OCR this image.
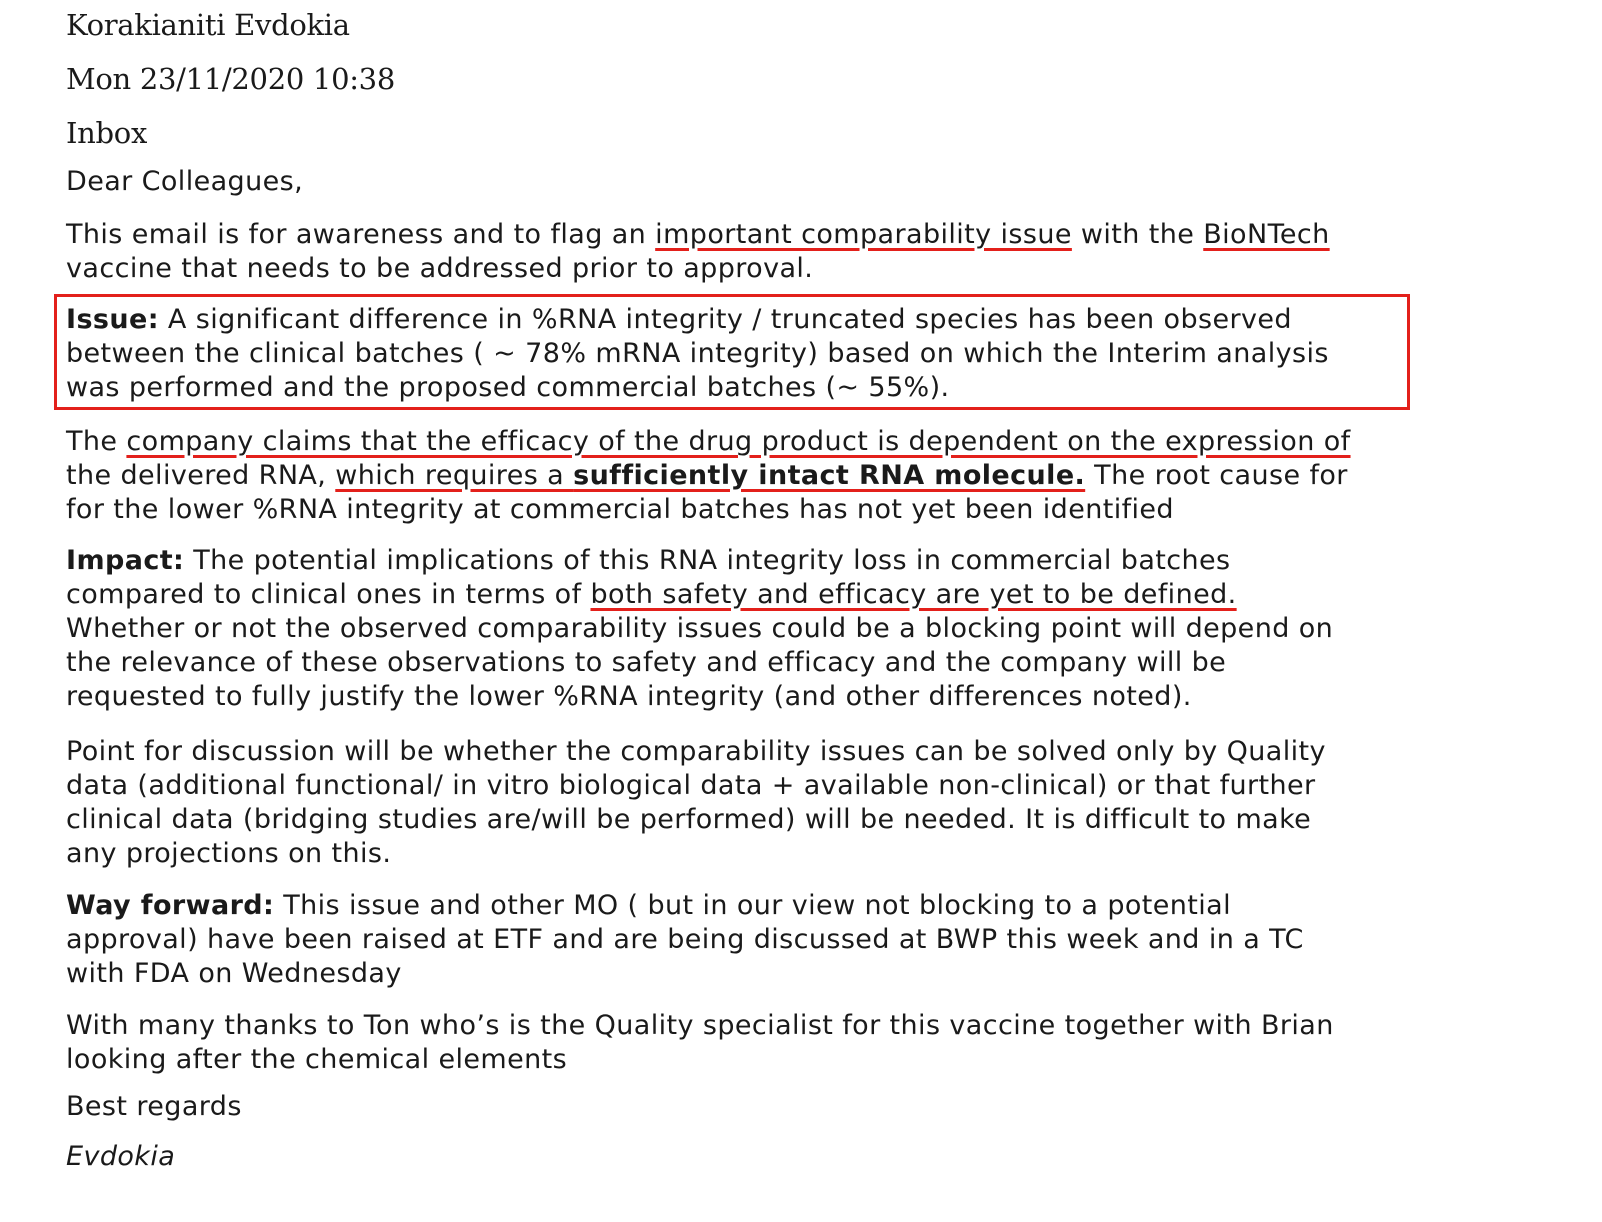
Korakianiti Evdokia

Mon 23/11/2020 10:38

Inbox

Dear Colleagues,

This email is for awareness and to flag an important comparability issue with the BioNTech
vaccine that needs to be addressed prior to approval.
Issue: A significant difference in %RNA integrity / truncated species has been observed
between the clinical batches ( ~ 78% mRNA integrity) based on which the Interim analysis
was performed and the proposed commercial batches (~ 55%).
The company claims that the efficacy of the drug product is dependent on the expression of
the delivered RNA, which requires a sufficiently intact RNA molecule. The root cause for
for the lower %RNA integrity at commercial batches has not yet been identified
Impact: The potential implications of this RNA integrity loss in commercial batches
compared to clinical ones in terms of both safety and efficacy are yet to be defined.
Whether or not the observed comparability issues could be a blocking point will depend on
the relevance of these observations to safety and efficacy and the company will be
requested to fully justify the lower %RNA integrity (and other differences noted).
Point for discussion will be whether the comparability issues can be solved only by Quality
data (additional functional/ in vitro biological data + available non-clinical) or that further
clinical data (bridging studies are/will be performed) will be needed. It is difficult to make
any projections on this.
Way forward: This issue and other MO ( but in our view not blocking to a potential
approval) have been raised at ETF and are being discussed at BWP this week and in a TC
with FDA on Wednesday
With many thanks to Ton who’s is the Quality specialist for this vaccine together with Brian
looking after the chemical elements

Best regards

Evdokia
